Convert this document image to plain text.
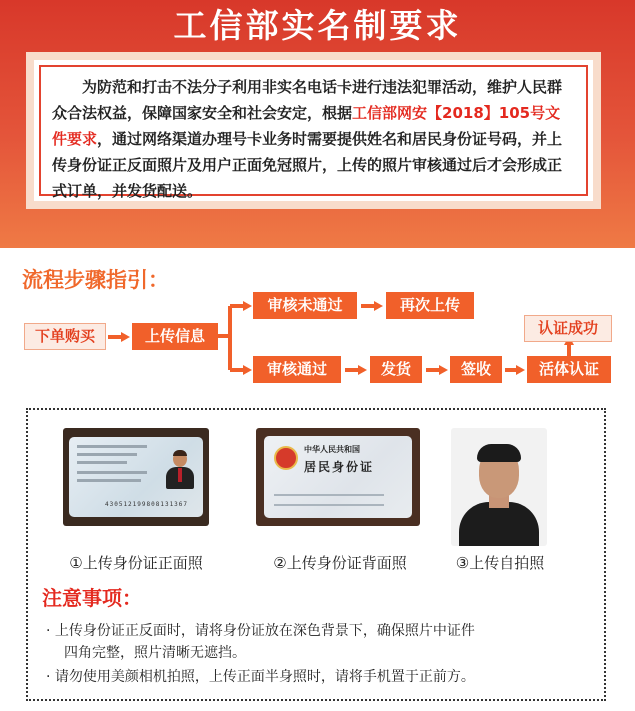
工信部实名制要求
为防范和打击不法分子利用非实名电话卡进行违法犯罪活动，维护人民群众合法权益，保障国家安全和社会安定，根据工信部网安【2018】105号文件要求，通过网络渠道办理号卡业务时需要提供姓名和居民身份证号码，并上传身份证正反面照片及用户正面免冠照片，上传的照片审核通过后才会形成正式订单，并发货配送。
流程步骤指引：
下单购买	上传信息
审核未通过	再次上传
审核通过	发货	签收	活体认证
认证成功
430512199808131367
①上传身份证正面照
中华人民共和国
居民身份证
②上传身份证背面照	③上传自拍照
注意事项：
· 上传身份证正反面时，请将身份证放在深色背景下，确保照片中证件
四角完整，照片清晰无遮挡。
· 请勿使用美颜相机拍照，上传正面半身照时，请将手机置于正前方。
